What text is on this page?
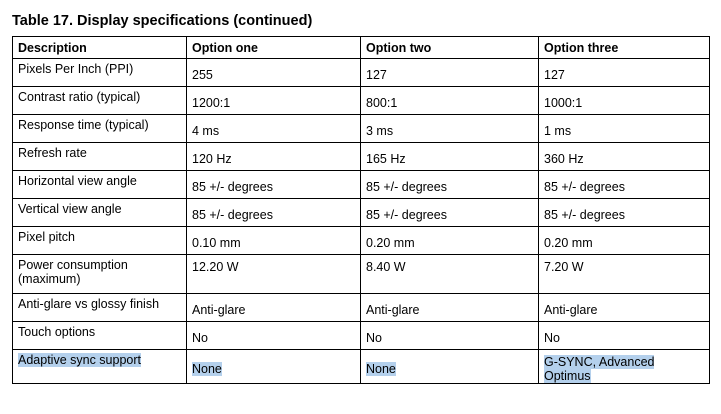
Table 17. Display specifications (continued)
Description	Option one	Option two	Option three
Pixels Per Inch (PPI)	255	127	127
Contrast ratio (typical)	1200:1	800:1	1000:1
Response time (typical)	4 ms	3 ms	1 ms
Refresh rate	120 Hz	165 Hz	360 Hz
Horizontal view angle	85 +/- degrees	85 +/- degrees	85 +/- degrees
Vertical view angle	85 +/- degrees	85 +/- degrees	85 +/- degrees
Pixel pitch	0.10 mm	0.20 mm	0.20 mm
Power consumption (maximum)	12.20 W	8.40 W	7.20 W
Anti-glare vs glossy finish	Anti-glare	Anti-glare	Anti-glare
Touch options	No	No	No
Adaptive sync support	None	None	G-SYNC, Advanced Optimus
